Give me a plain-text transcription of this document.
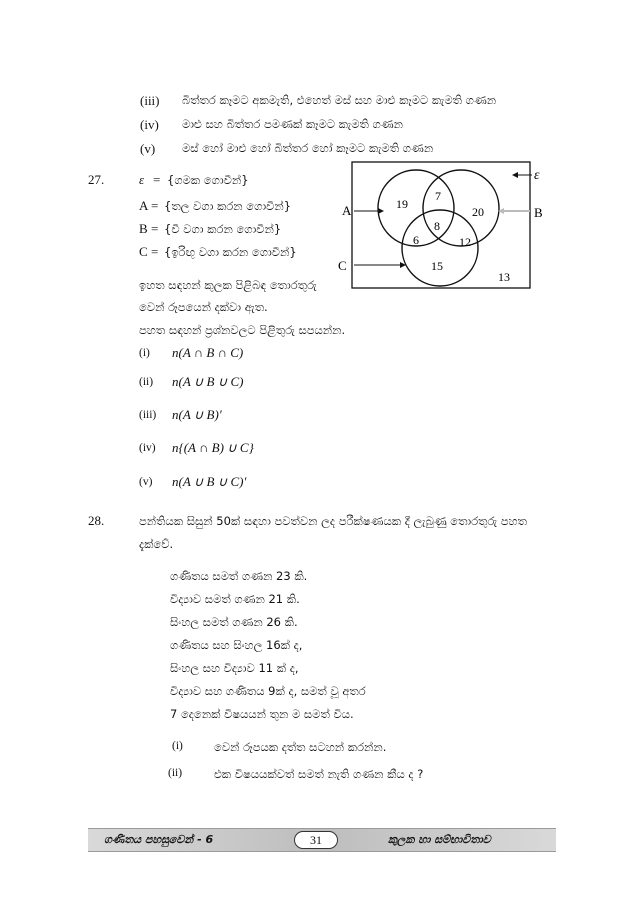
(iii) බිත්තර කෑමට අකමැති, එහෙත් මස් සහ මාළු කෑමට කැමති ගණන
(iv) මාළු සහ බිත්තර පමණක් කෑමට කැමති ගණන
(v) මස් හෝ මාළු හෝ බිත්තර හෝ කෑමට කැමති ගණන
27.	ε = {ගමක ගොවීන්}
A = {තල වගා කරන ගොවීන්}
B = {වී වගා කරන ගොවීන්}
C = {ඉරිඟු වගා කරන ගොවීන්}
ඉහත සඳහන් කුලක පිළිබඳ තොරතුරු
වෙන් රූපයෙන් දක්වා ඇත.
පහත සඳහන් ප්‍රශ්නවලට පිළිතුරු සපයන්න.
A	B
C
ε
19
7
20
8
6	12
15
13
(i) n(A ∩ B ∩ C)
(ii) n(A ∪ B ∪ C)
(iii) n(A ∪ B)′
(iv) n{(A ∩ B) ∪ C}
(v) n(A ∪ B ∪ C)′
28.	පන්තියක සිසුන් 50ක් සඳහා පවත්වන ලද පරීක්ෂණයක දී ලැබුණු තොරතුරු පහත
දැක්වේ.
ගණිතය සමත් ගණන 23 කි.
විද්‍යාව සමත් ගණන 21 කි.
සිංහල සමත් ගණන 26 කි.
ගණිතය සහ සිංහල 16ක් ද,
සිංහල සහ විද්‍යාව 11 ක් ද,
විද්‍යාව සහ ගණිතය 9ක් ද, සමත් වූ අතර
7 දෙනෙක් විෂයයන් තුන ම සමත් විය.
(i)	වෙන් රූපයක දත්ත සටහන් කරන්න.
(ii)	එක විෂයයක්වත් සමත් නැති ගණන කීය ද ?
ගණිතය පහසුවෙන් - 6	31	කුලක හා සම්භාවිතාව
